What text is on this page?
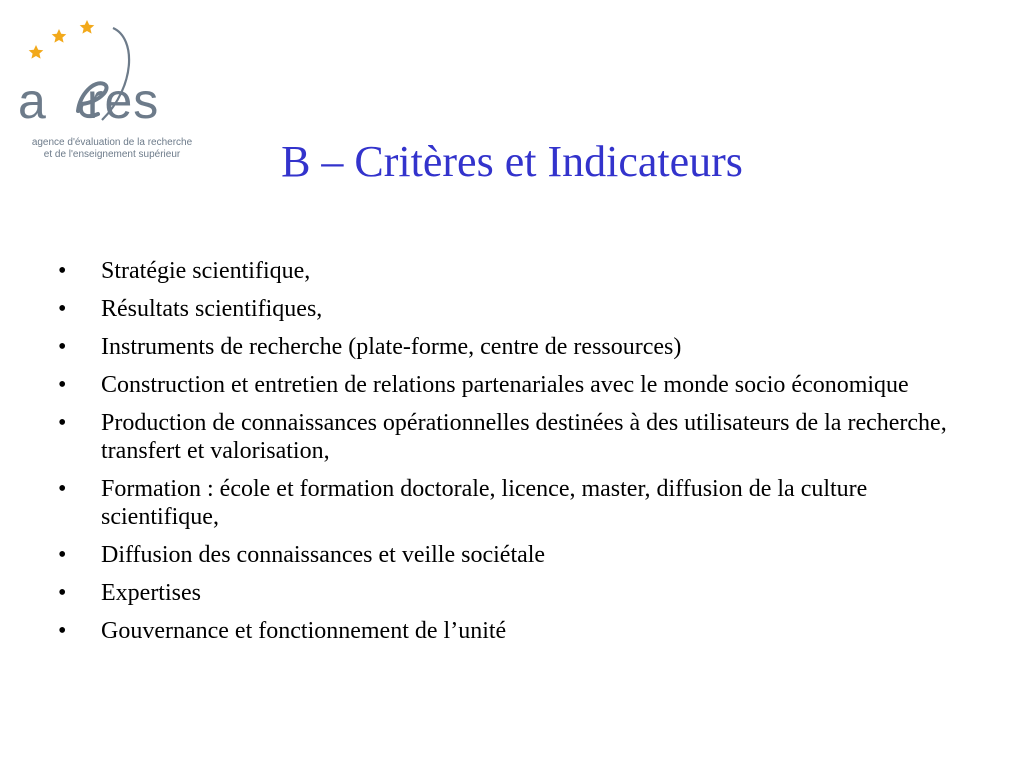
a res
agence d'évaluation de la recherche
et de l'enseignement supérieur	B – Critères et Indicateurs
• Stratégie scientifique,
• Résultats scientifiques,
• Instruments de recherche (plate-forme, centre de ressources)
• Construction et entretien de relations partenariales avec le monde socio économique
• Production de connaissances opérationnelles destinées à des utilisateurs de la recherche, transfert et valorisation,
• Formation : école et formation doctorale, licence, master, diffusion de la culture scientifique,
• Diffusion des connaissances et veille sociétale
• Expertises
• Gouvernance et fonctionnement de l’unité
